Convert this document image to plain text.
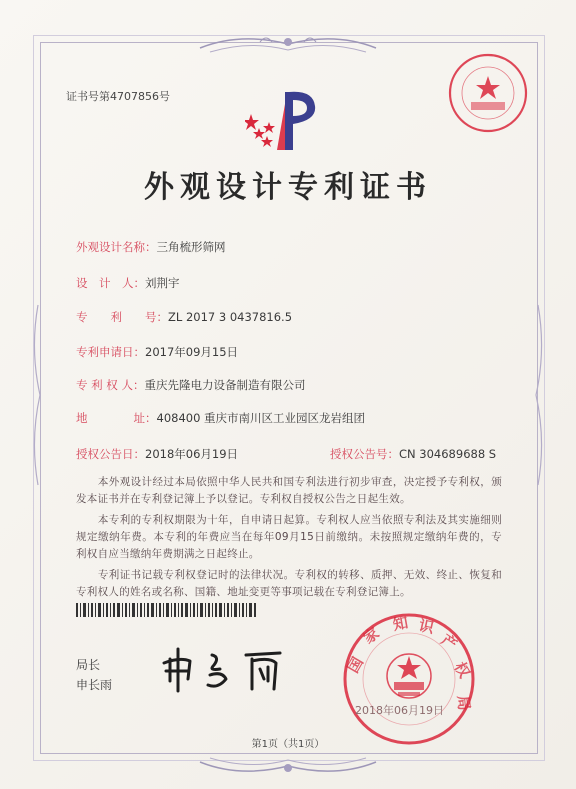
证书号第4707856号
外观设计专利证书
外观设计名称：三角梳形筛网
设　计　人：刘荆宇
专　　利　　号：ZL 2017 3 0437816.5
专利申请日：2017年09月15日
专 利 权 人：重庆先隆电力设备制造有限公司
地　　　　址：408400 重庆市南川区工业园区龙岩组团
授权公告日：2018年06月19日	授权公告号：CN 304689688 S
　　本外观设计经过本局依照中华人民共和国专利法进行初步审查，决定授予专利权，颁发本证书并在专利登记簿上予以登记。专利权自授权公告之日起生效。
　　本专利的专利权期限为十年，自申请日起算。专利权人应当依照专利法及其实施细则规定缴纳年费。本专利的年费应当在每年09月15日前缴纳。未按照规定缴纳年费的，专利权自应当缴纳年费期满之日起终止。
　　专利证书记载专利权登记时的法律状况。专利权的转移、质押、无效、终止、恢复和专利权人的姓名或名称、国籍、地址变更等事项记载在专利登记簿上。
局长
申长雨
国
家
知 识
产
权
局
2018年06月19日
第1页（共1页）
